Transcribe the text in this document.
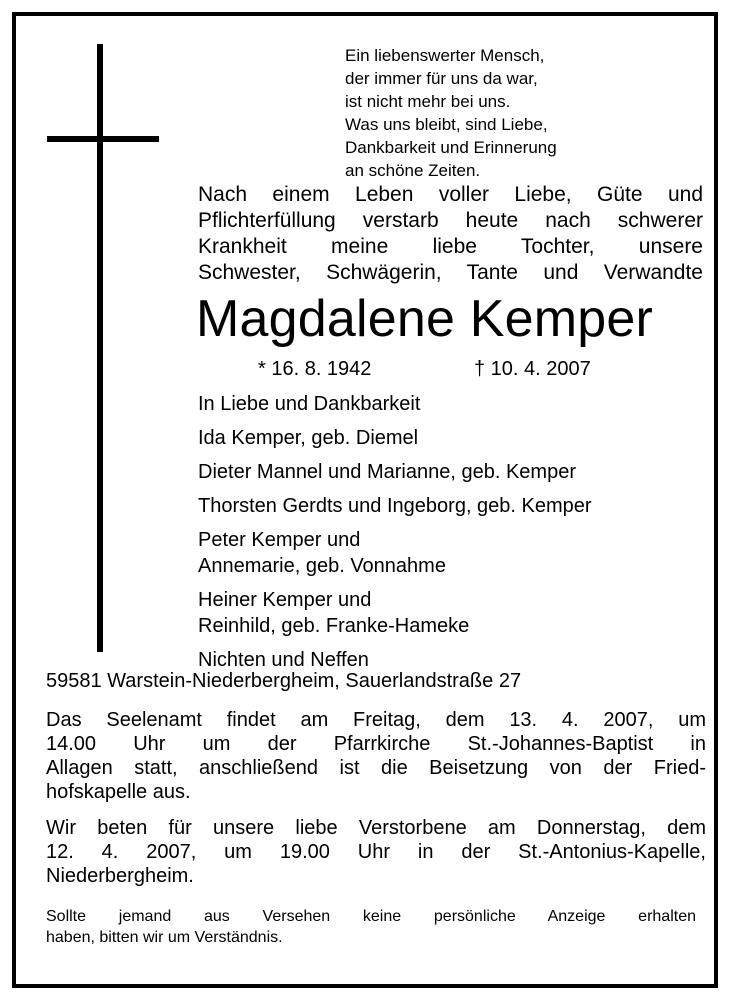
Ein liebenswerter Mensch,
der immer für uns da war,
ist nicht mehr bei uns.
Was uns bleibt, sind Liebe,
Dankbarkeit und Erinnerung
an schöne Zeiten.
Nach einem Leben voller Liebe, Güte und
Pflichterfüllung verstarb heute nach schwerer
Krankheit meine liebe Tochter, unsere
Schwester, Schwägerin, Tante und Verwandte
Magdalene Kemper
* 16. 8. 1942	† 10. 4. 2007
In Liebe und Dankbarkeit
Ida Kemper, geb. Diemel
Dieter Mannel und Marianne, geb. Kemper
Thorsten Gerdts und Ingeborg, geb. Kemper
Peter Kemper und
Annemarie, geb. Vonnahme
Heiner Kemper und
Reinhild, geb. Franke-Hameke
Nichten und Neffen
59581 Warstein-Niederbergheim, Sauerlandstraße 27
Das Seelenamt findet am Freitag, dem 13. 4. 2007, um
14.00 Uhr um der Pfarrkirche St.-Johannes-Baptist in
Allagen statt, anschließend ist die Beisetzung von der Fried-
hofskapelle aus.
Wir beten für unsere liebe Verstorbene am Donnerstag, dem
12. 4. 2007, um 19.00 Uhr in der St.-Antonius-Kapelle,
Niederbergheim.
Sollte jemand aus Versehen keine persönliche Anzeige erhalten
haben, bitten wir um Verständnis.
